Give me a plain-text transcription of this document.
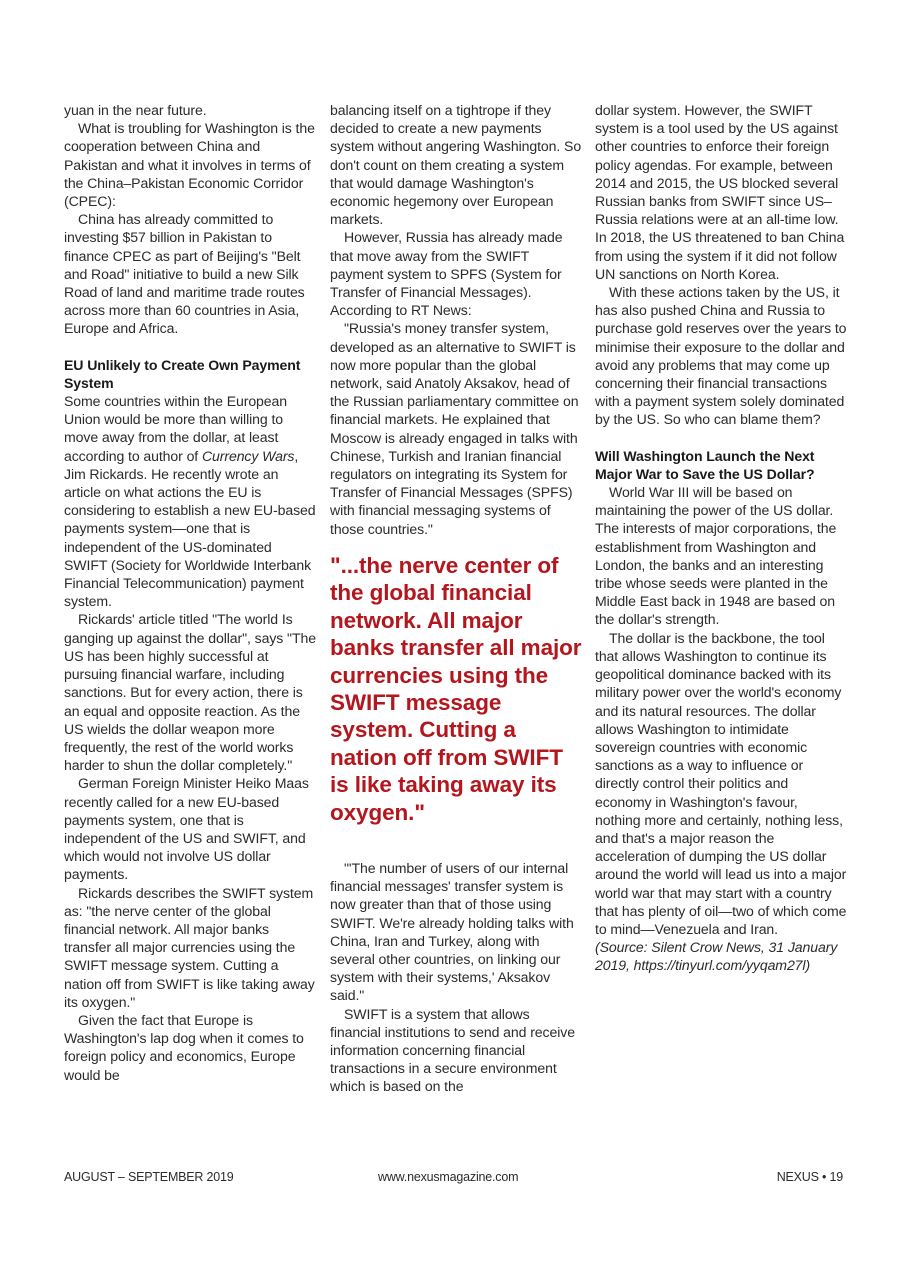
yuan in the near future.

What is troubling for Washington is the cooperation between China and Pakistan and what it involves in terms of the China–Pakistan Economic Corridor (CPEC):

China has already committed to investing $57 billion in Pakistan to finance CPEC as part of Beijing's "Belt and Road" initiative to build a new Silk Road of land and maritime trade routes across more than 60 countries in Asia, Europe and Africa.

EU Unlikely to Create Own Payment System

Some countries within the European Union would be more than willing to move away from the dollar, at least according to author of Currency Wars, Jim Rickards. He recently wrote an article on what actions the EU is considering to establish a new EU-based payments system—one that is independent of the US-dominated SWIFT (Society for Worldwide Interbank Financial Telecommunication) payment system.

Rickards' article titled "The world Is ganging up against the dollar", says "The US has been highly successful at pursuing financial warfare, including sanctions. But for every action, there is an equal and opposite reaction. As the US wields the dollar weapon more frequently, the rest of the world works harder to shun the dollar completely."

German Foreign Minister Heiko Maas recently called for a new EU-based payments system, one that is independent of the US and SWIFT, and which would not involve US dollar payments.

Rickards describes the SWIFT system as: "the nerve center of the global financial network. All major banks transfer all major currencies using the SWIFT message system. Cutting a nation off from SWIFT is like taking away its oxygen."

Given the fact that Europe is Washington's lap dog when it comes to foreign policy and economics, Europe would be

balancing itself on a tightrope if they decided to create a new payments system without angering Washington. So don't count on them creating a system that would damage Washington's economic hegemony over European markets.

However, Russia has already made that move away from the SWIFT payment system to SPFS (System for Transfer of Financial Messages). According to RT News:

"Russia's money transfer system, developed as an alternative to SWIFT is now more popular than the global network, said Anatoly Aksakov, head of the Russian parliamentary committee on financial markets. He explained that Moscow is already engaged in talks with Chinese, Turkish and Iranian financial regulators on integrating its System for Transfer of Financial Messages (SPFS) with financial messaging systems of those countries."

"...the nerve center of the global financial network. All major banks transfer all major currencies using the SWIFT message system. Cutting a nation off from SWIFT is like taking away its oxygen."

"'The number of users of our internal financial messages' transfer system is now greater than that of those using SWIFT. We're already holding talks with China, Iran and Turkey, along with several other countries, on linking our system with their systems,' Aksakov said."

SWIFT is a system that allows financial institutions to send and receive information concerning financial transactions in a secure environment which is based on the

dollar system. However, the SWIFT system is a tool used by the US against other countries to enforce their foreign policy agendas. For example, between 2014 and 2015, the US blocked several Russian banks from SWIFT since US–Russia relations were at an all-time low. In 2018, the US threatened to ban China from using the system if it did not follow UN sanctions on North Korea.

With these actions taken by the US, it has also pushed China and Russia to purchase gold reserves over the years to minimise their exposure to the dollar and avoid any problems that may come up concerning their financial transactions with a payment system solely dominated by the US. So who can blame them?

Will Washington Launch the Next Major War to Save the US Dollar?

World War III will be based on maintaining the power of the US dollar. The interests of major corporations, the establishment from Washington and London, the banks and an interesting tribe whose seeds were planted in the Middle East back in 1948 are based on the dollar's strength.

The dollar is the backbone, the tool that allows Washington to continue its geopolitical dominance backed with its military power over the world's economy and its natural resources. The dollar allows Washington to intimidate sovereign countries with economic sanctions as a way to influence or directly control their politics and economy in Washington's favour, nothing more and certainly, nothing less, and that's a major reason the acceleration of dumping the US dollar around the world will lead us into a major world war that may start with a country that has plenty of oil—two of which come to mind—Venezuela and Iran.

(Source: Silent Crow News, 31 January 2019, https://tinyurl.com/yyqam27l)

AUGUST – SEPTEMBER 2019	www.nexusmagazine.com	NEXUS • 19
